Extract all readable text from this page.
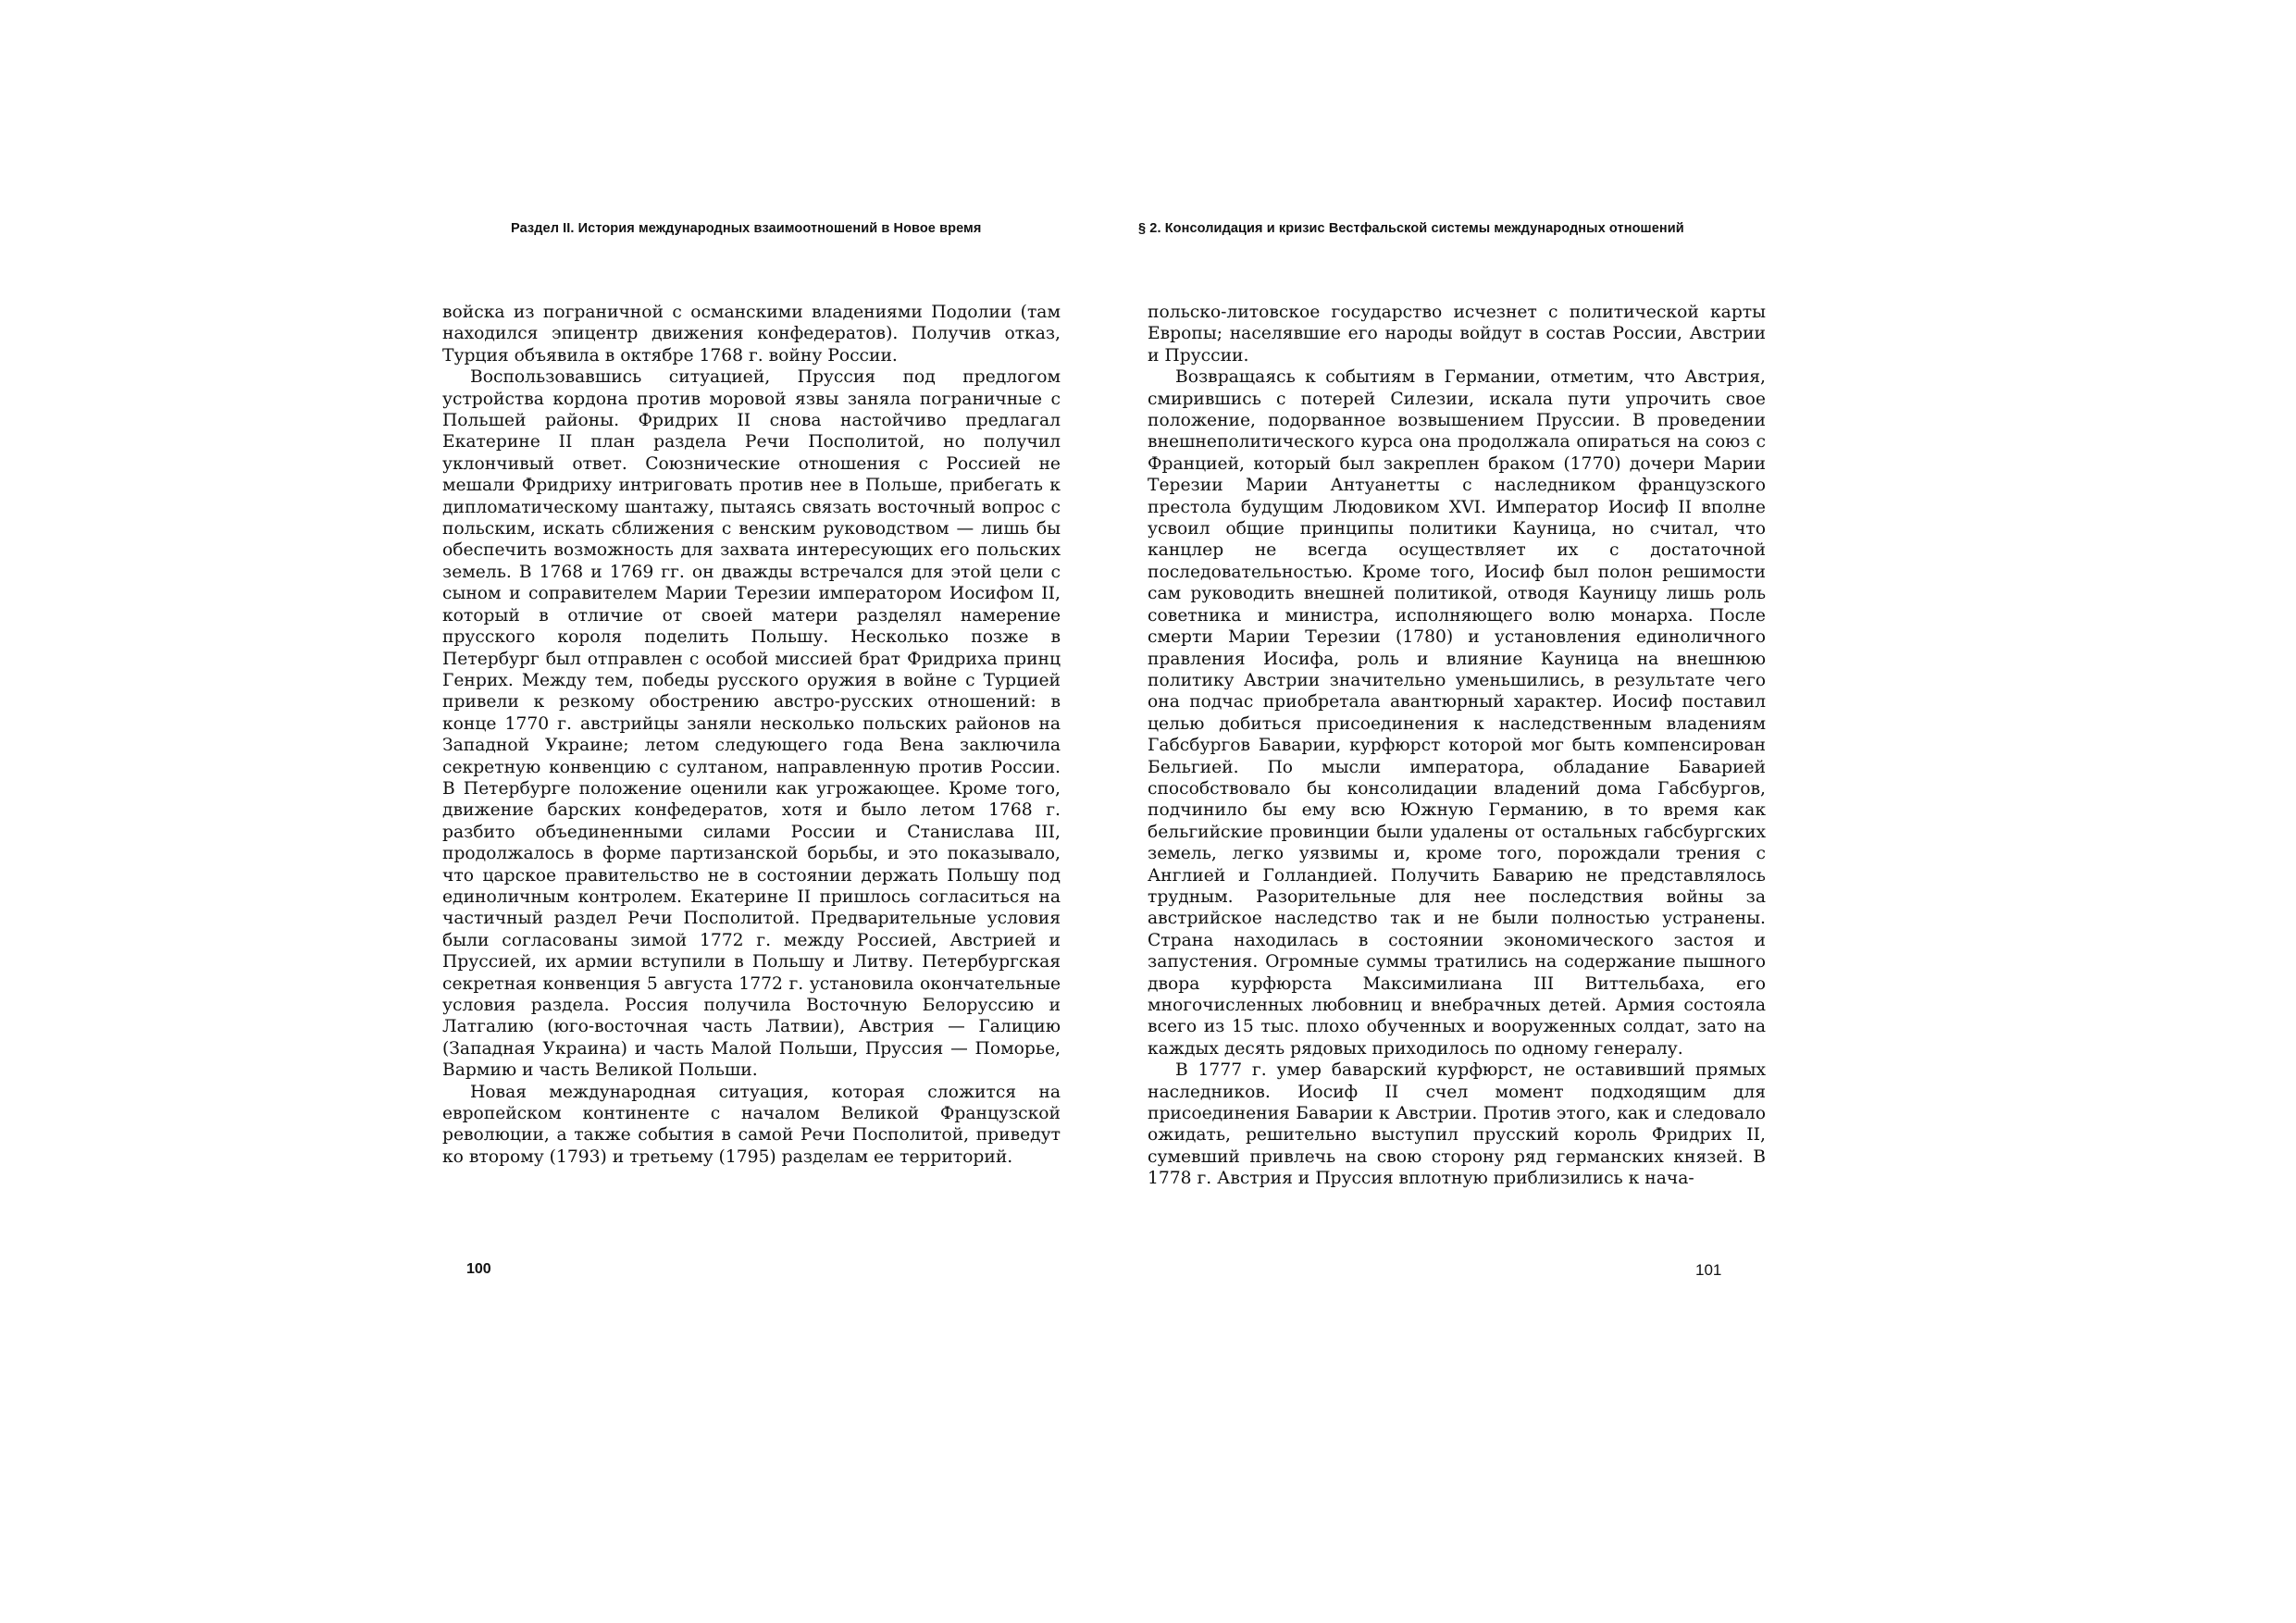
Раздел II. История международных взаимоотношений в Новое время	§ 2. Консолидация и кризис Вестфальской системы международных отношений

войска из пограничной с османскими владениями Подолии (там находился эпицентр движения конфедератов). Получив отказ, Турция объявила в октябре 1768 г. войну России.

Воспользовавшись ситуацией, Пруссия под предлогом устройства кордона против моровой язвы заняла пограничные с Польшей районы. Фридрих II снова настойчиво предлагал Екатерине II план раздела Речи Посполитой, но получил уклончивый ответ. Союзнические отношения с Россией не мешали Фридриху интриговать против нее в Польше, прибегать к дипломатическому шантажу, пытаясь связать восточный вопрос с польским, искать сближения с венским руководством — лишь бы обеспечить возможность для захвата интересующих его польских земель. В 1768 и 1769 гг. он дважды встречался для этой цели с сыном и соправителем Марии Терезии императором Иосифом II, который в отличие от своей матери разделял намерение прусского короля поделить Польшу. Несколько позже в Петербург был отправлен с особой миссией брат Фридриха принц Генрих. Между тем, победы русского оружия в войне с Турцией привели к резкому обострению австро-русских отношений: в конце 1770 г. австрийцы заняли несколько польских районов на Западной Украине; летом следующего года Вена заключила секретную конвенцию с султаном, направленную против России. В Петербурге положение оценили как угрожающее. Кроме того, движение барских конфедератов, хотя и было летом 1768 г. разбито объединенными силами России и Станислава III, продолжалось в форме партизанской борьбы, и это показывало, что царское правительство не в состоянии держать Польшу под единоличным контролем. Екатерине II пришлось согласиться на частичный раздел Речи Посполитой. Предварительные условия были согласованы зимой 1772 г. между Россией, Австрией и Пруссией, их армии вступили в Польшу и Литву. Петербургская секретная конвенция 5 августа 1772 г. установила окончательные условия раздела. Россия получила Восточную Белоруссию и Латгалию (юго-восточная часть Латвии), Австрия — Галицию (Западная Украина) и часть Малой Польши, Пруссия — Поморье, Вармию и часть Великой Польши.

Новая международная ситуация, которая сложится на европейском континенте с началом Великой Французской революции, а также события в самой Речи Посполитой, приведут ко второму (1793) и третьему (1795) разделам ее территорий.

польско-литовское государство исчезнет с политической карты Европы; населявшие его народы войдут в состав России, Австрии и Пруссии.

Возвращаясь к событиям в Германии, отметим, что Австрия, смирившись с потерей Силезии, искала пути упрочить свое положение, подорванное возвышением Пруссии. В проведении внешнеполитического курса она продолжала опираться на союз с Францией, который был закреплен браком (1770) дочери Марии Терезии Марии Антуанетты с наследником французского престола будущим Людовиком XVI. Император Иосиф II вполне усвоил общие принципы политики Кауница, но считал, что канцлер не всегда осуществляет их с достаточной последовательностью. Кроме того, Иосиф был полон решимости сам руководить внешней политикой, отводя Кауницу лишь роль советника и министра, исполняющего волю монарха. После смерти Марии Терезии (1780) и установления единоличного правления Иосифа, роль и влияние Кауница на внешнюю политику Австрии значительно уменьшились, в результате чего она подчас приобретала авантюрный характер. Иосиф поставил целью добиться присоединения к наследственным владениям Габсбургов Баварии, курфюрст которой мог быть компенсирован Бельгией. По мысли императора, обладание Баварией способствовало бы консолидации владений дома Габсбургов, подчинило бы ему всю Южную Германию, в то время как бельгийские провинции были удалены от остальных габсбургских земель, легко уязвимы и, кроме того, порождали трения с Англией и Голландией. Получить Баварию не представлялось трудным. Разорительные для нее последствия войны за австрийское наследство так и не были полностью устранены. Страна находилась в состоянии экономического застоя и запустения. Огромные суммы тратились на содержание пышного двора курфюрста Максимилиана III Виттельбаха, его многочисленных любовниц и внебрачных детей. Армия состояла всего из 15 тыс. плохо обученных и вооруженных солдат, зато на каждых десять рядовых приходилось по одному генералу.

В 1777 г. умер баварский курфюрст, не оставивший прямых наследников. Иосиф II счел момент подходящим для присоединения Баварии к Австрии. Против этого, как и следовало ожидать, решительно выступил прусский король Фридрих II, сумевший привлечь на свою сторону ряд германских князей. В 1778 г. Австрия и Пруссия вплотную приблизились к нача-

100	101
